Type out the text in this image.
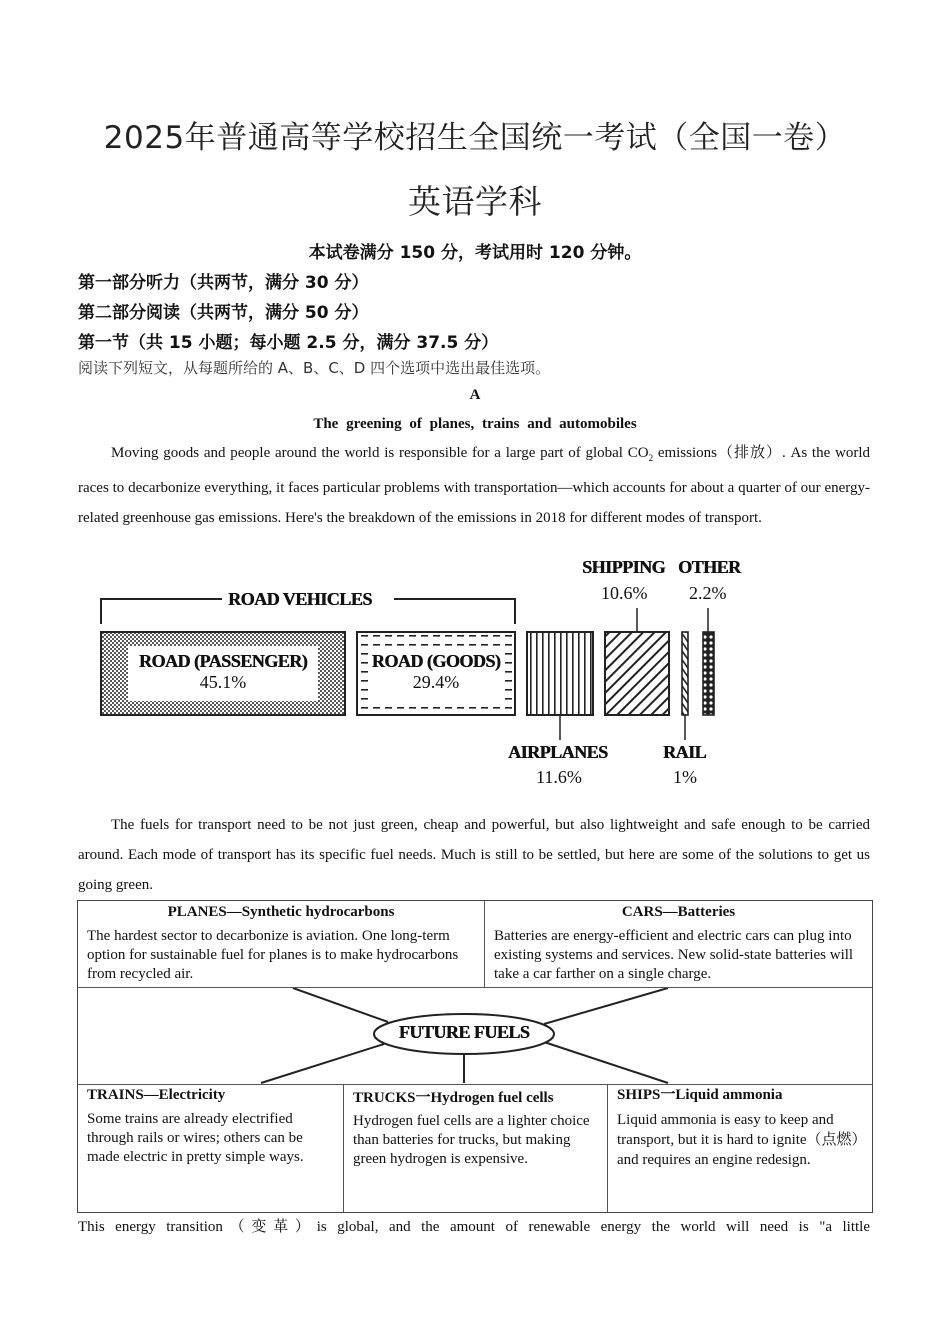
2025年普通高等学校招生全国统一考试（全国一卷）
英语学科
本试卷满分 150 分，考试用时 120 分钟。
第一部分听力（共两节，满分 30 分）
第二部分阅读（共两节，满分 50 分）
第一节（共 15 小题；每小题 2.5 分，满分 37.5 分）
阅读下列短文，从每题所给的 A、B、C、D 四个选项中选出最佳选项。
A
The greening of planes, trains and automobiles
Moving goods and people around the world is responsible for a large part of global $CO_2$ emissions（排放）. As the world races to decarbonize everything, it faces particular problems with transportation—which accounts for about a quarter of our energy-related greenhouse gas emissions. Here's the breakdown of the emissions in 2018 for different modes of transport.
ROAD VEHICLES
ROAD (PASSENGER)
45.1%
ROAD (GOODS)
29.4%
SHIPPING
10.6%
OTHER
2.2%
AIRPLANES
11.6%
RAIL
1%
The fuels for transport need to be not just green, cheap and powerful, but also lightweight and safe enough to be carried around. Each mode of transport has its specific fuel needs. Much is still to be settled, but here are some of the solutions to get us going green.
PLANES—Synthetic hydrocarbons
The hardest sector to decarbonize is aviation. One long-term option for sustainable fuel for planes is to make hydrocarbons from recycled air.
CARS—Batteries
Batteries are energy-efficient and electric cars can plug into existing systems and services. New solid-state batteries will take a car farther on a single charge.
FUTURE FUELS
TRAINS—Electricity
Some trains are already electrified through rails or wires; others can be made electric in pretty simple ways.
TRUCKS一Hydrogen fuel cells
Hydrogen fuel cells are a lighter choice than batteries for trucks, but making green hydrogen is expensive.
SHIPS一Liquid ammonia
Liquid ammonia is easy to keep and transport, but it is hard to ignite（点燃）and requires an engine redesign.
This energy transition（变革）is global, and the amount of renewable energy the world will need is "a little
